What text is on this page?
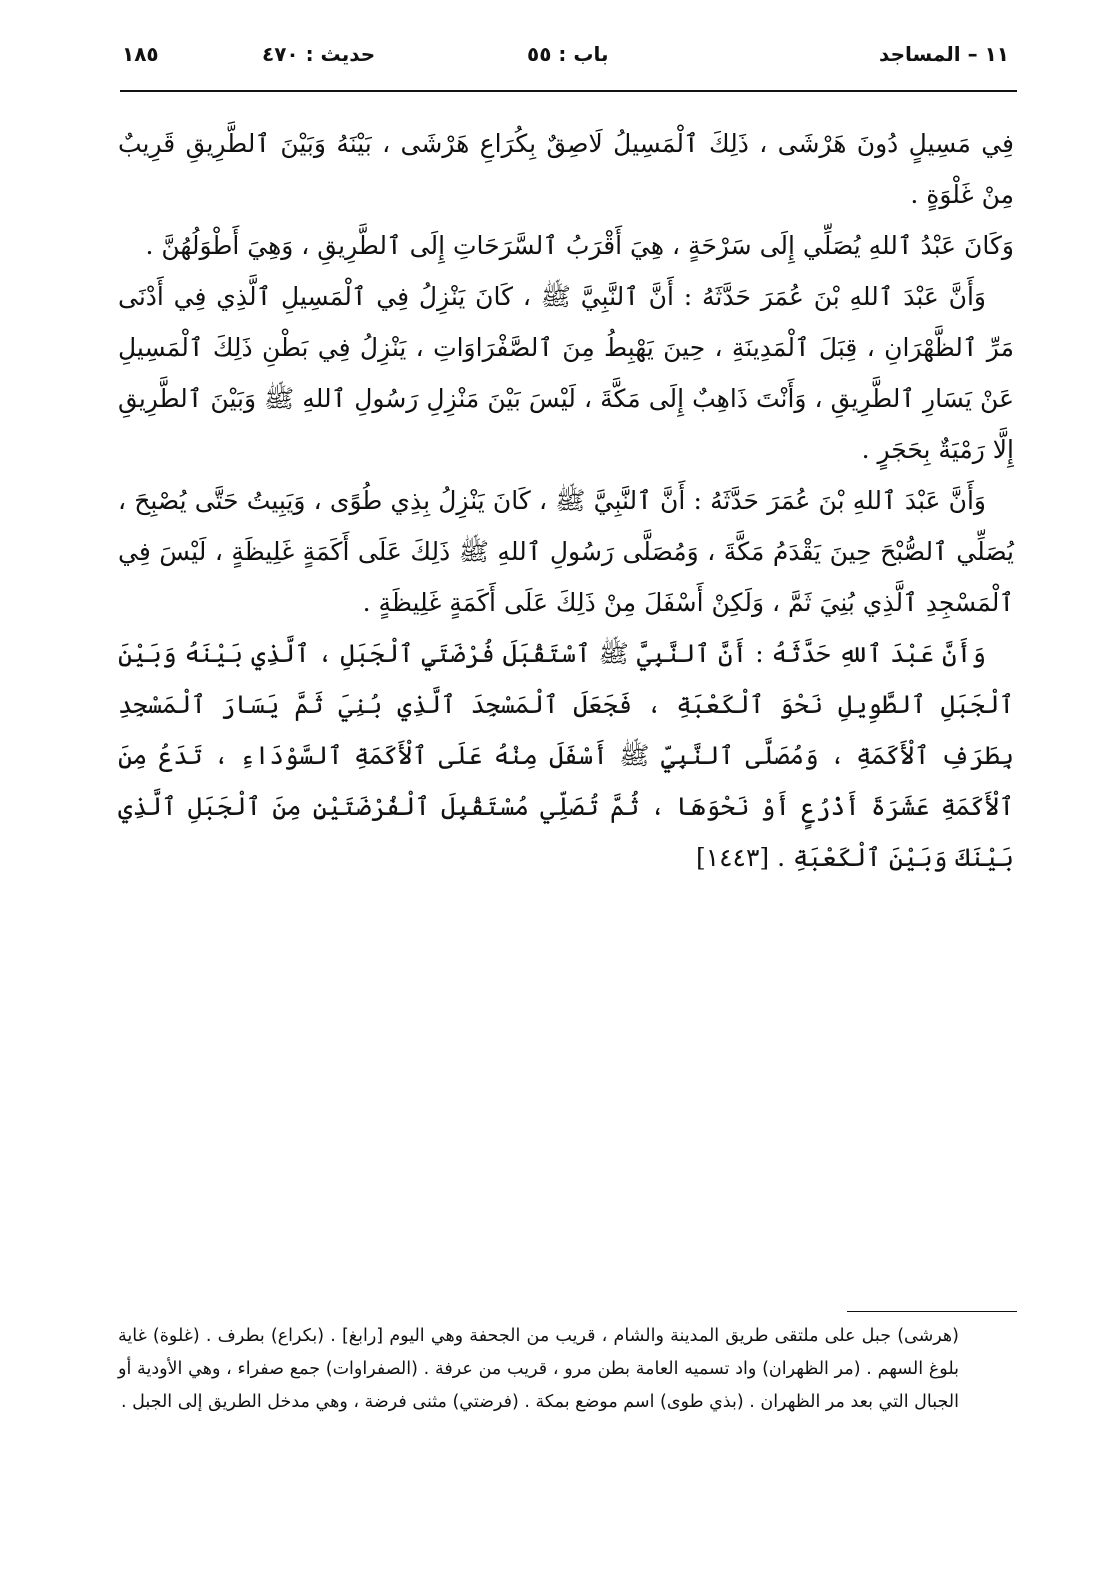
١١ – المساجد
باب : ٥٥
حديث : ٤٧٠
١٨٥

فِي مَسِيلٍ دُونَ هَرْشَى ، ذَلِكَ ٱلْمَسِيلُ لَاصِقٌ بِكُرَاعِ هَرْشَى ، بَيْنَهُ وَبَيْنَ ٱلطَّرِيقِ قَرِيبٌ مِنْ غَلْوَةٍ .

وَكَانَ عَبْدُ ٱللهِ يُصَلِّي إِلَى سَرْحَةٍ ، هِيَ أَقْرَبُ ٱلسَّرَحَاتِ إِلَى ٱلطَّرِيقِ ، وَهِيَ أَطْوَلُهُنَّ .

وَأَنَّ عَبْدَ ٱللهِ بْنَ عُمَرَ حَدَّثَهُ : أَنَّ ٱلنَّبِيَّ ﷺ ، كَانَ يَنْزِلُ فِي ٱلْمَسِيلِ ٱلَّذِي فِي أَدْنَى مَرِّ ٱلظَّهْرَانِ ، قِبَلَ ٱلْمَدِينَةِ ، حِينَ يَهْبِطُ مِنَ ٱلصَّفْرَاوَاتِ ، يَنْزِلُ فِي بَطْنِ ذَلِكَ ٱلْمَسِيلِ عَنْ يَسَارِ ٱلطَّرِيقِ ، وَأَنْتَ ذَاهِبٌ إِلَى مَكَّةَ ، لَيْسَ بَيْنَ مَنْزِلِ رَسُولِ ٱللهِ ﷺ وَبَيْنَ ٱلطَّرِيقِ إِلَّا رَمْيَةٌ بِحَجَرٍ .

وَأَنَّ عَبْدَ ٱللهِ بْنَ عُمَرَ حَدَّثَهُ : أَنَّ ٱلنَّبِيَّ ﷺ ، كَانَ يَنْزِلُ بِذِي طُوًى ، وَيَبِيتُ حَتَّى يُصْبِحَ ، يُصَلِّي ٱلصُّبْحَ حِينَ يَقْدَمُ مَكَّةَ ، وَمُصَلَّى رَسُولِ ٱللهِ ﷺ ذَلِكَ عَلَى أَكَمَةٍ غَلِيظَةٍ ، لَيْسَ فِي ٱلْمَسْجِدِ ٱلَّذِي بُنِيَ ثَمَّ ، وَلَكِنْ أَسْفَلَ مِنْ ذَلِكَ عَلَى أَكَمَةٍ غَلِيظَةٍ .

وَأَنَّ عَبْدَ ٱللهِ حَدَّثَهُ : أَنَّ ٱلنَّبِيَّ ﷺ ٱسْتَقْبَلَ فُرْضَتَيِ ٱلْجَبَلِ ، ٱلَّذِي بَيْنَهُ وَبَيْنَ ٱلْجَبَلِ ٱلطَّوِيلِ نَحْوَ ٱلْكَعْبَةِ ، فَجَعَلَ ٱلْمَسْجِدَ ٱلَّذِي بُنِيَ ثَمَّ يَسَارَ ٱلْمَسْجِدِ بِطَرَفِ ٱلْأَكَمَةِ ، وَمُصَلَّى ٱلنَّبِيِّ ﷺ أَسْفَلَ مِنْهُ عَلَى ٱلْأَكَمَةِ ٱلسَّوْدَاءِ ، تَدَعُ مِنَ ٱلْأَكَمَةِ عَشَرَةَ أَذْرُعٍ أَوْ نَحْوَهَا ، ثُمَّ تُصَلِّي مُسْتَقْبِلَ ٱلْفُرْضَتَيْنِ مِنَ ٱلْجَبَلِ ٱلَّذِي بَيْنَكَ وَبَيْنَ ٱلْكَعْبَةِ . [١٤٤٣]

(هرشى) جبل على ملتقى طريق المدينة والشام ، قريب من الجحفة وهي اليوم [رابغ] . (بكراع) بطرف . (غلوة) غاية بلوغ السهم . (مر الظهران) واد تسميه العامة بطن مرو ، قريب من عرفة . (الصفراوات) جمع صفراء ، وهي الأودية أو الجبال التي بعد مر الظهران . (بذي طوى) اسم موضع بمكة . (فرضتي) مثنى فرضة ، وهي مدخل الطريق إلى الجبل .
